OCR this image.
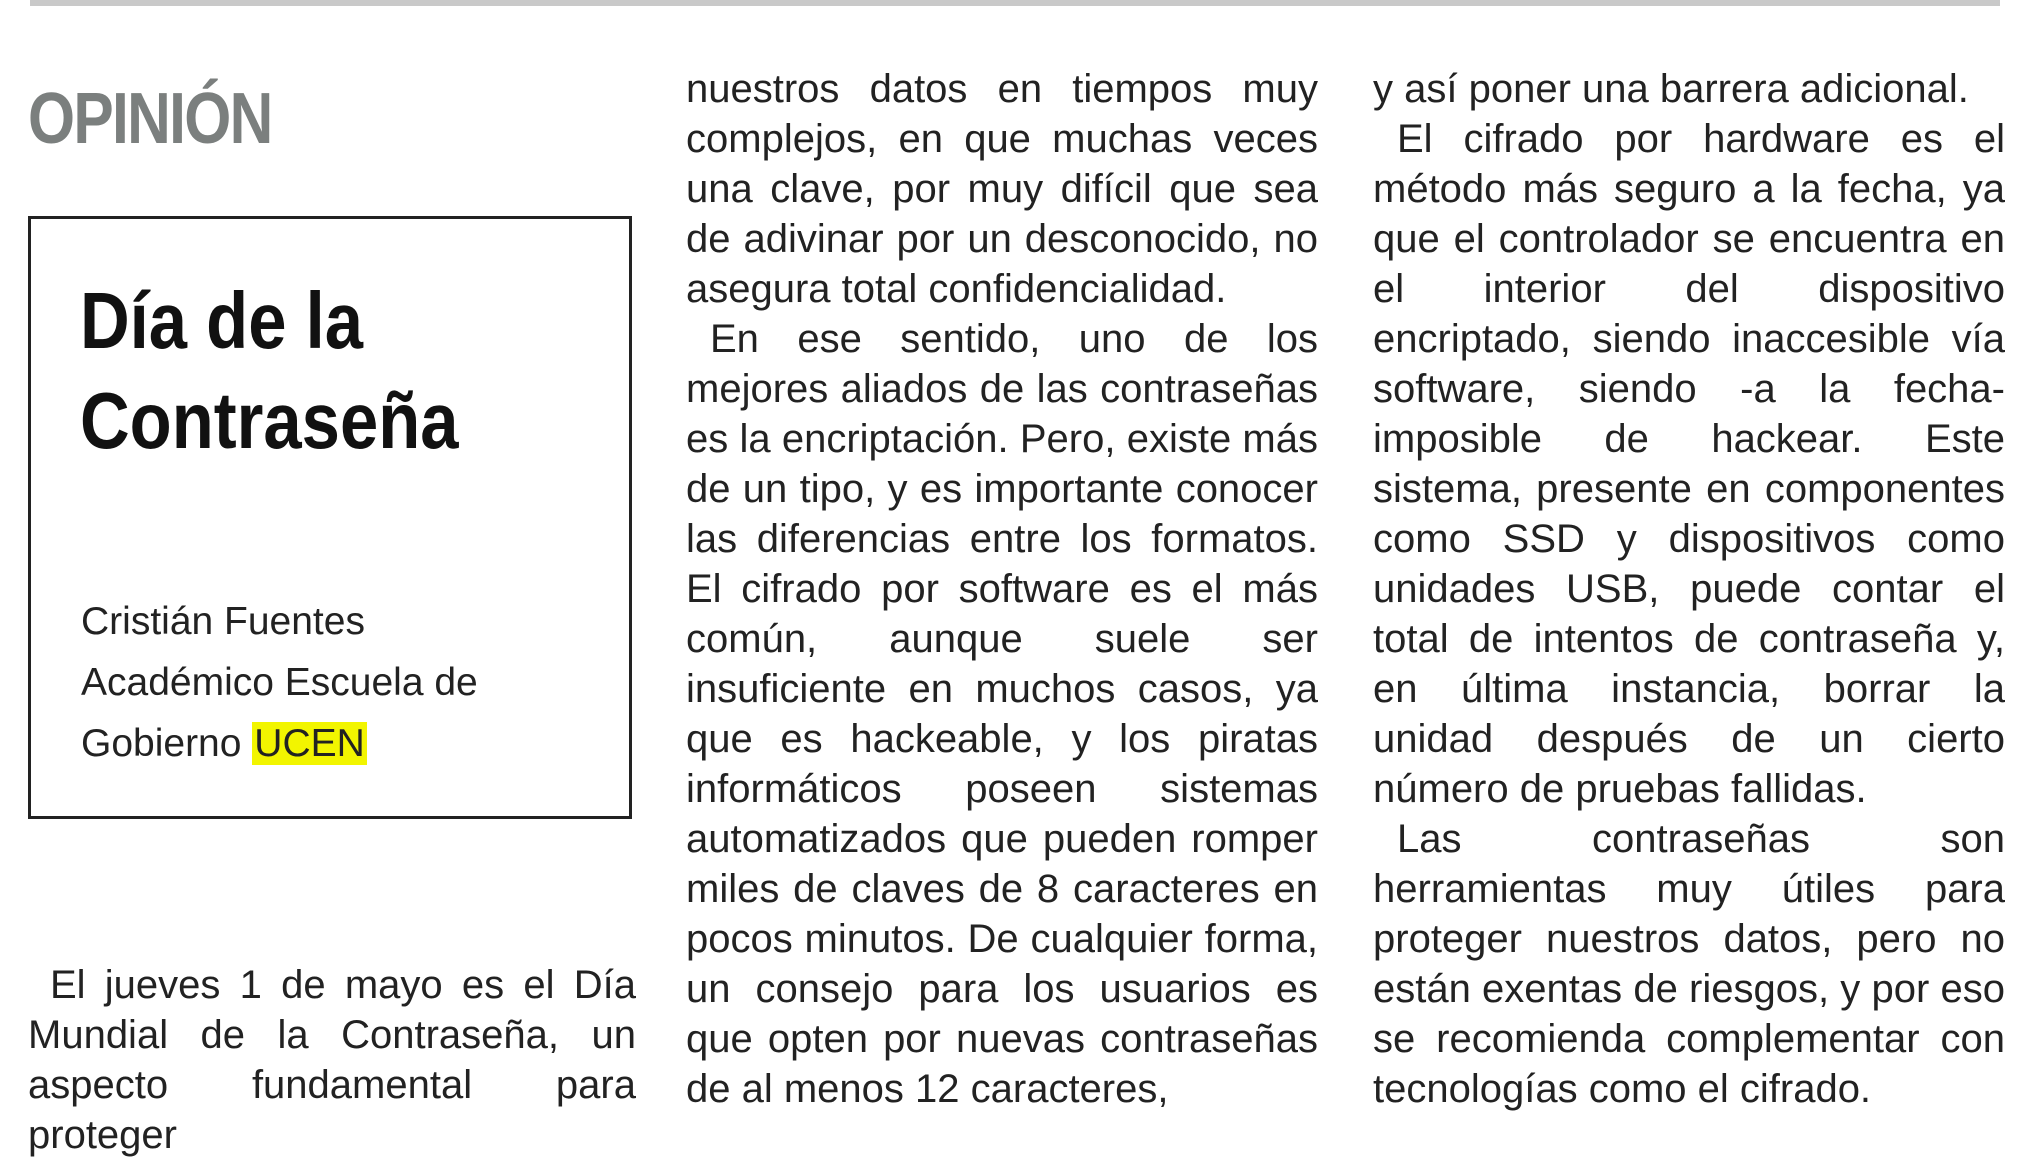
OPINIÓN
Día de la
Contraseña
Cristián Fuentes
Académico Escuela de
Gobierno UCEN

El jueves 1 de mayo es el Día Mundial de la Contraseña, un aspecto fundamental para proteger

nuestros datos en tiempos muy complejos, en que muchas veces una clave, por muy difícil que sea de adivinar por un desconocido, no asegura total confidencialidad.

En ese sentido, uno de los mejores aliados de las contraseñas es la encriptación. Pero, existe más de un tipo, y es importante conocer las diferencias entre los formatos. El cifrado por software es el más común, aunque suele ser insuficiente en muchos casos, ya que es hackeable, y los piratas informáticos poseen sistemas automatizados que pueden romper miles de claves de 8 caracteres en pocos minutos. De cualquier forma, un consejo para los usuarios es que opten por nuevas contraseñas de al menos 12 caracteres,

y así poner una barrera adicional.

El cifrado por hardware es el método más seguro a la fecha, ya que el controlador se encuentra en el interior del dispositivo encriptado, siendo inaccesible vía software, siendo -a la fecha- imposible de hackear. Este sistema, presente en componentes como SSD y dispositivos como unidades USB, puede contar el total de intentos de contraseña y, en última instancia, borrar la unidad después de un cierto número de pruebas fallidas.

Las contraseñas son herramientas muy útiles para proteger nuestros datos, pero no están exentas de riesgos, y por eso se recomienda complementar con tecnologías como el cifrado.
